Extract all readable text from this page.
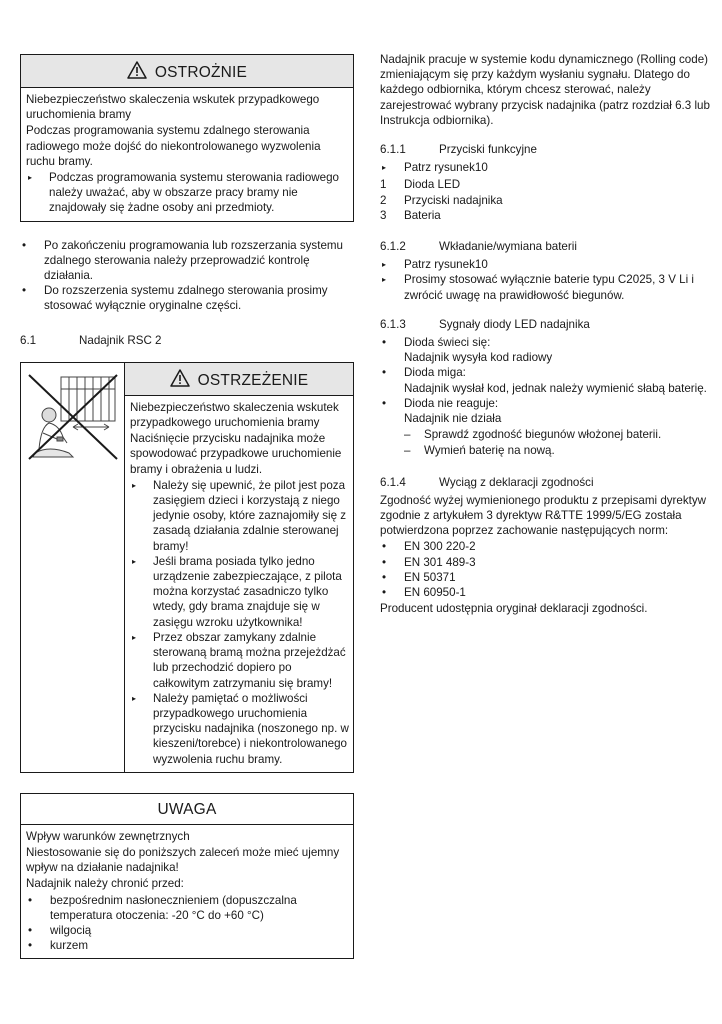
OSTROŻNIE

Niebezpieczeństwo skaleczenia wskutek przypadkowego uruchomienia bramy

Podczas programowania systemu zdalnego sterowania radiowego może dojść do niekontrolowanego wyzwolenia ruchu bramy.

▸	Podczas programowania systemu sterowania radiowego należy uważać, aby w obszarze pracy bramy nie znajdowały się żadne osoby ani przedmioty.
•	Po zakończeniu programowania lub rozszerzania systemu zdalnego sterowania należy przeprowadzić kontrolę działania.
•	Do rozszerzenia systemu zdalnego sterowania prosimy stosować wyłącznie oryginalne części.
6.1	Nadajnik RSC 2
OSTRZEŻENIE

Niebezpieczeństwo skaleczenia wskutek przypadkowego uruchomienia bramy

Naciśnięcie przycisku nadajnika może spowodować przypadkowe uruchomienie bramy i obrażenia u ludzi.

▸	Należy się upewnić, że pilot jest poza zasięgiem dzieci i korzystają z niego jedynie osoby, które zaznajomiły się z zasadą działania zdalnie sterowanej bramy!
▸	Jeśli brama posiada tylko jedno urządzenie zabezpieczające, z pilota można korzystać zasadniczo tylko wtedy, gdy brama znajduje się w zasięgu wzroku użytkownika!
▸	Przez obszar zamykany zdalnie sterowaną bramą można przejeżdżać lub przechodzić dopiero po całkowitym zatrzymaniu się bramy!
▸	Należy pamiętać o możliwości przypadkowego uruchomienia przycisku nadajnika (noszonego np. w kieszeni/torebce) i niekontrolowanego wyzwolenia ruchu bramy.
UWAGA

Wpływ warunków zewnętrznych

Niestosowanie się do poniższych zaleceń może mieć ujemny wpływ na działanie nadajnika!

Nadajnik należy chronić przed:

•	bezpośrednim nasłonecznieniem (dopuszczalna temperatura otoczenia: -20 °C do +60 °C)
•	wilgocią
•	kurzem

Nadajnik pracuje w systemie kodu dynamicznego (Rolling code) zmieniającym się przy każdym wysłaniu sygnału. Dlatego do każdego odbiornika, którym chcesz sterować, należy zarejestrować wybrany przycisk nadajnika (patrz rozdział 6.3 lub Instrukcja odbiornika).

6.1.1	Przyciski funkcyjne
▸	Patrz rysunek10
1	Dioda LED
2	Przyciski nadajnika
3	Bateria
6.1.2	Wkładanie/wymiana baterii
▸	Patrz rysunek10
▸	Prosimy stosować wyłącznie baterie typu C2025, 3 V Li i zwrócić uwagę na prawidłowość biegunów.
6.1.3	Sygnały diody LED nadajnika
•	Dioda świeci się:
Nadajnik wysyła kod radiowy
•	Dioda miga:
Nadajnik wysłał kod, jednak należy wymienić słabą baterię.
•	Dioda nie reaguje:
Nadajnik nie działa
–	Sprawdź zgodność biegunów włożonej baterii.
–	Wymień baterię na nową.
6.1.4	Wyciąg z deklaracji zgodności

Zgodność wyżej wymienionego produktu z przepisami dyrektyw zgodnie z artykułem 3 dyrektyw R&TTE 1999/5/EG została potwierdzona poprzez zachowanie następujących norm:

•	EN 300 220-2
•	EN 301 489-3
•	EN 50371
•	EN 60950-1

Producent udostępnia oryginał deklaracji zgodności.
